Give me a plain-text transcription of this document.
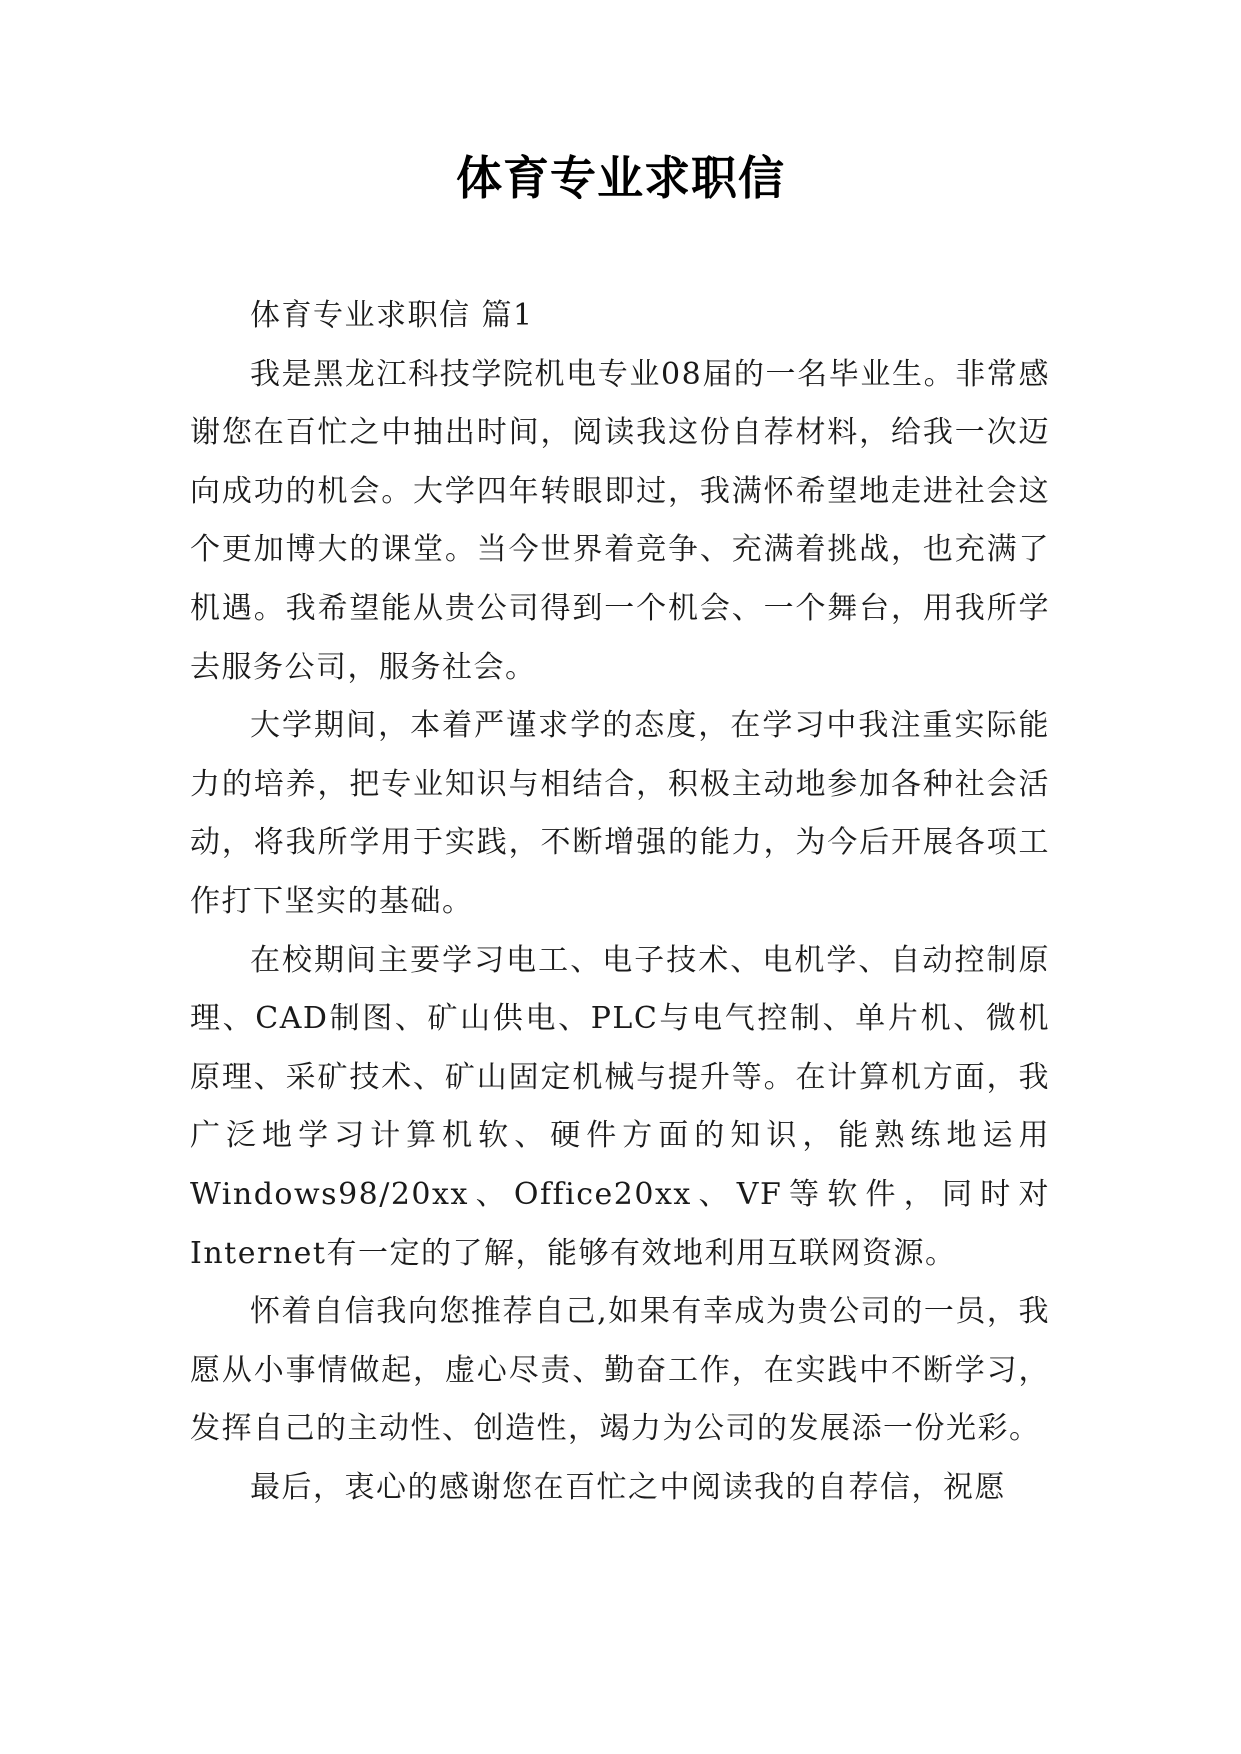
体育专业求职信

体育专业求职信 篇1

我是黑龙江科技学院机电专业08届的一名毕业生。非常感谢您在百忙之中抽出时间，阅读我这份自荐材料，给我一次迈向成功的机会。大学四年转眼即过，我满怀希望地走进社会这个更加博大的课堂。当今世界着竞争、充满着挑战，也充满了机遇。我希望能从贵公司得到一个机会、一个舞台，用我所学去服务公司，服务社会。

大学期间，本着严谨求学的态度，在学习中我注重实际能力的培养，把专业知识与相结合，积极主动地参加各种社会活动，将我所学用于实践，不断增强的能力，为今后开展各项工作打下坚实的基础。

在校期间主要学习电工、电子技术、电机学、自动控制原理、CAD制图、矿山供电、PLC与电气控制、单片机、微机原理、采矿技术、矿山固定机械与提升等。在计算机方面，我广泛地学习计算机软、硬件方面的知识，能熟练地运用Windows98/20xx、Office20xx、VF等软件，同时对Internet有一定的了解，能够有效地利用互联网资源。

怀着自信我向您推荐自己,如果有幸成为贵公司的一员，我愿从小事情做起，虚心尽责、勤奋工作，在实践中不断学习，发挥自己的主动性、创造性，竭力为公司的发展添一份光彩。

最后，衷心的感谢您在百忙之中阅读我的自荐信，祝愿
